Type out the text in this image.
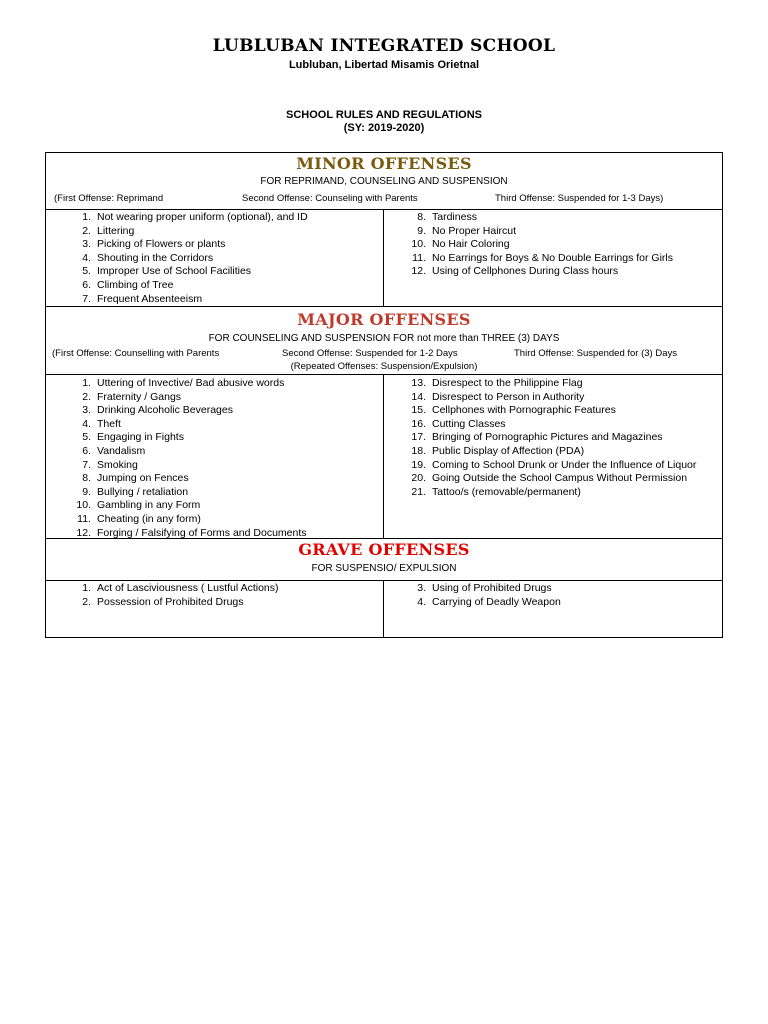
LUBLUBAN INTEGRATED SCHOOL
Lubluban, Libertad Misamis Orietnal
SCHOOL RULES AND REGULATIONS
(SY: 2019-2020)
MINOR OFFENSES
FOR REPRIMAND, COUNSELING AND SUSPENSION
(First Offense: Reprimand	Second Offense: Counseling with Parents	Third Offense: Suspended for 1-3 Days)
1. Not wearing proper uniform (optional), and ID
2. Littering
3. Picking of Flowers or plants
4. Shouting in the Corridors
5. Improper Use of School Facilities
6. Climbing of Tree
7. Frequent Absenteeism
8. Tardiness
9. No Proper Haircut
10. No Hair Coloring
11. No Earrings for Boys & No Double Earrings for Girls
12. Using of Cellphones During Class hours
MAJOR OFFENSES
FOR COUNSELING AND SUSPENSION FOR not more than THREE (3) DAYS
(First Offense: Counselling with Parents	Second Offense: Suspended for 1-2 Days	Third Offense: Suspended for (3) Days
(Repeated Offenses: Suspension/Expulsion)
1. Uttering of Invective/ Bad abusive words
2. Fraternity / Gangs
3. Drinking Alcoholic Beverages
4. Theft
5. Engaging in Fights
6. Vandalism
7. Smoking
8. Jumping on Fences
9. Bullying / retaliation
10. Gambling in any Form
11. Cheating (in any form)
12. Forging / Falsifying of Forms and Documents
13. Disrespect to the Philippine Flag
14. Disrespect to Person in Authority
15. Cellphones with Pornographic Features
16. Cutting Classes
17. Bringing of Pornographic Pictures and Magazines
18. Public Display of Affection (PDA)
19. Coming to School Drunk or Under the Influence of Liquor
20. Going Outside the School Campus Without Permission
21. Tattoo/s (removable/permanent)
GRAVE OFFENSES
FOR SUSPENSIO/ EXPULSION
1. Act of Lasciviousness ( Lustful Actions)
2. Possession of Prohibited Drugs
3. Using of Prohibited Drugs
4. Carrying of Deadly Weapon
